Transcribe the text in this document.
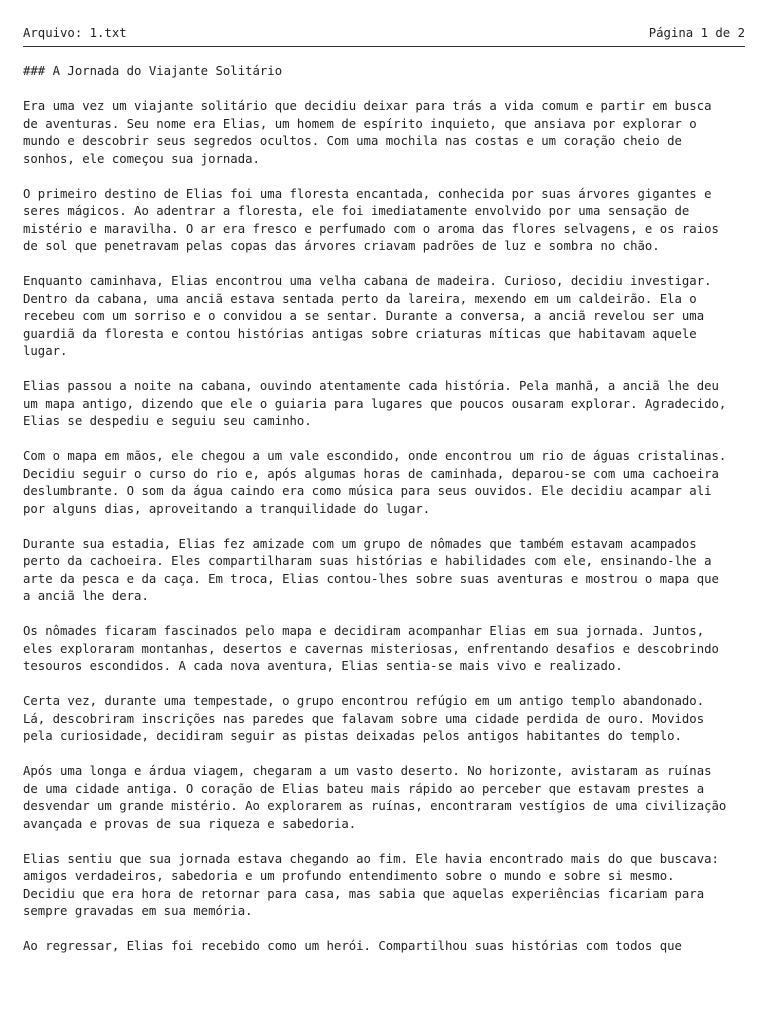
Arquivo: 1.txt	Página 1 de 2

### A Jornada do Viajante Solitário

Era uma vez um viajante solitário que decidiu deixar para trás a vida comum e partir em busca
de aventuras. Seu nome era Elias, um homem de espírito inquieto, que ansiava por explorar o
mundo e descobrir seus segredos ocultos. Com uma mochila nas costas e um coração cheio de
sonhos, ele começou sua jornada.

O primeiro destino de Elias foi uma floresta encantada, conhecida por suas árvores gigantes e
seres mágicos. Ao adentrar a floresta, ele foi imediatamente envolvido por uma sensação de
mistério e maravilha. O ar era fresco e perfumado com o aroma das flores selvagens, e os raios
de sol que penetravam pelas copas das árvores criavam padrões de luz e sombra no chão.

Enquanto caminhava, Elias encontrou uma velha cabana de madeira. Curioso, decidiu investigar.
Dentro da cabana, uma anciã estava sentada perto da lareira, mexendo em um caldeirão. Ela o
recebeu com um sorriso e o convidou a se sentar. Durante a conversa, a anciã revelou ser uma
guardiã da floresta e contou histórias antigas sobre criaturas míticas que habitavam aquele
lugar.

Elias passou a noite na cabana, ouvindo atentamente cada história. Pela manhã, a anciã lhe deu
um mapa antigo, dizendo que ele o guiaria para lugares que poucos ousaram explorar. Agradecido,
Elias se despediu e seguiu seu caminho.

Com o mapa em mãos, ele chegou a um vale escondido, onde encontrou um rio de águas cristalinas.
Decidiu seguir o curso do rio e, após algumas horas de caminhada, deparou-se com uma cachoeira
deslumbrante. O som da água caindo era como música para seus ouvidos. Ele decidiu acampar ali
por alguns dias, aproveitando a tranquilidade do lugar.

Durante sua estadia, Elias fez amizade com um grupo de nômades que também estavam acampados
perto da cachoeira. Eles compartilharam suas histórias e habilidades com ele, ensinando-lhe a
arte da pesca e da caça. Em troca, Elias contou-lhes sobre suas aventuras e mostrou o mapa que
a anciã lhe dera.

Os nômades ficaram fascinados pelo mapa e decidiram acompanhar Elias em sua jornada. Juntos,
eles exploraram montanhas, desertos e cavernas misteriosas, enfrentando desafios e descobrindo
tesouros escondidos. A cada nova aventura, Elias sentia-se mais vivo e realizado.

Certa vez, durante uma tempestade, o grupo encontrou refúgio em um antigo templo abandonado.
Lá, descobriram inscrições nas paredes que falavam sobre uma cidade perdida de ouro. Movidos
pela curiosidade, decidiram seguir as pistas deixadas pelos antigos habitantes do templo.

Após uma longa e árdua viagem, chegaram a um vasto deserto. No horizonte, avistaram as ruínas
de uma cidade antiga. O coração de Elias bateu mais rápido ao perceber que estavam prestes a
desvendar um grande mistério. Ao explorarem as ruínas, encontraram vestígios de uma civilização
avançada e provas de sua riqueza e sabedoria.

Elias sentiu que sua jornada estava chegando ao fim. Ele havia encontrado mais do que buscava:
amigos verdadeiros, sabedoria e um profundo entendimento sobre o mundo e sobre si mesmo.
Decidiu que era hora de retornar para casa, mas sabia que aquelas experiências ficariam para
sempre gravadas em sua memória.

Ao regressar, Elias foi recebido como um herói. Compartilhou suas histórias com todos que
